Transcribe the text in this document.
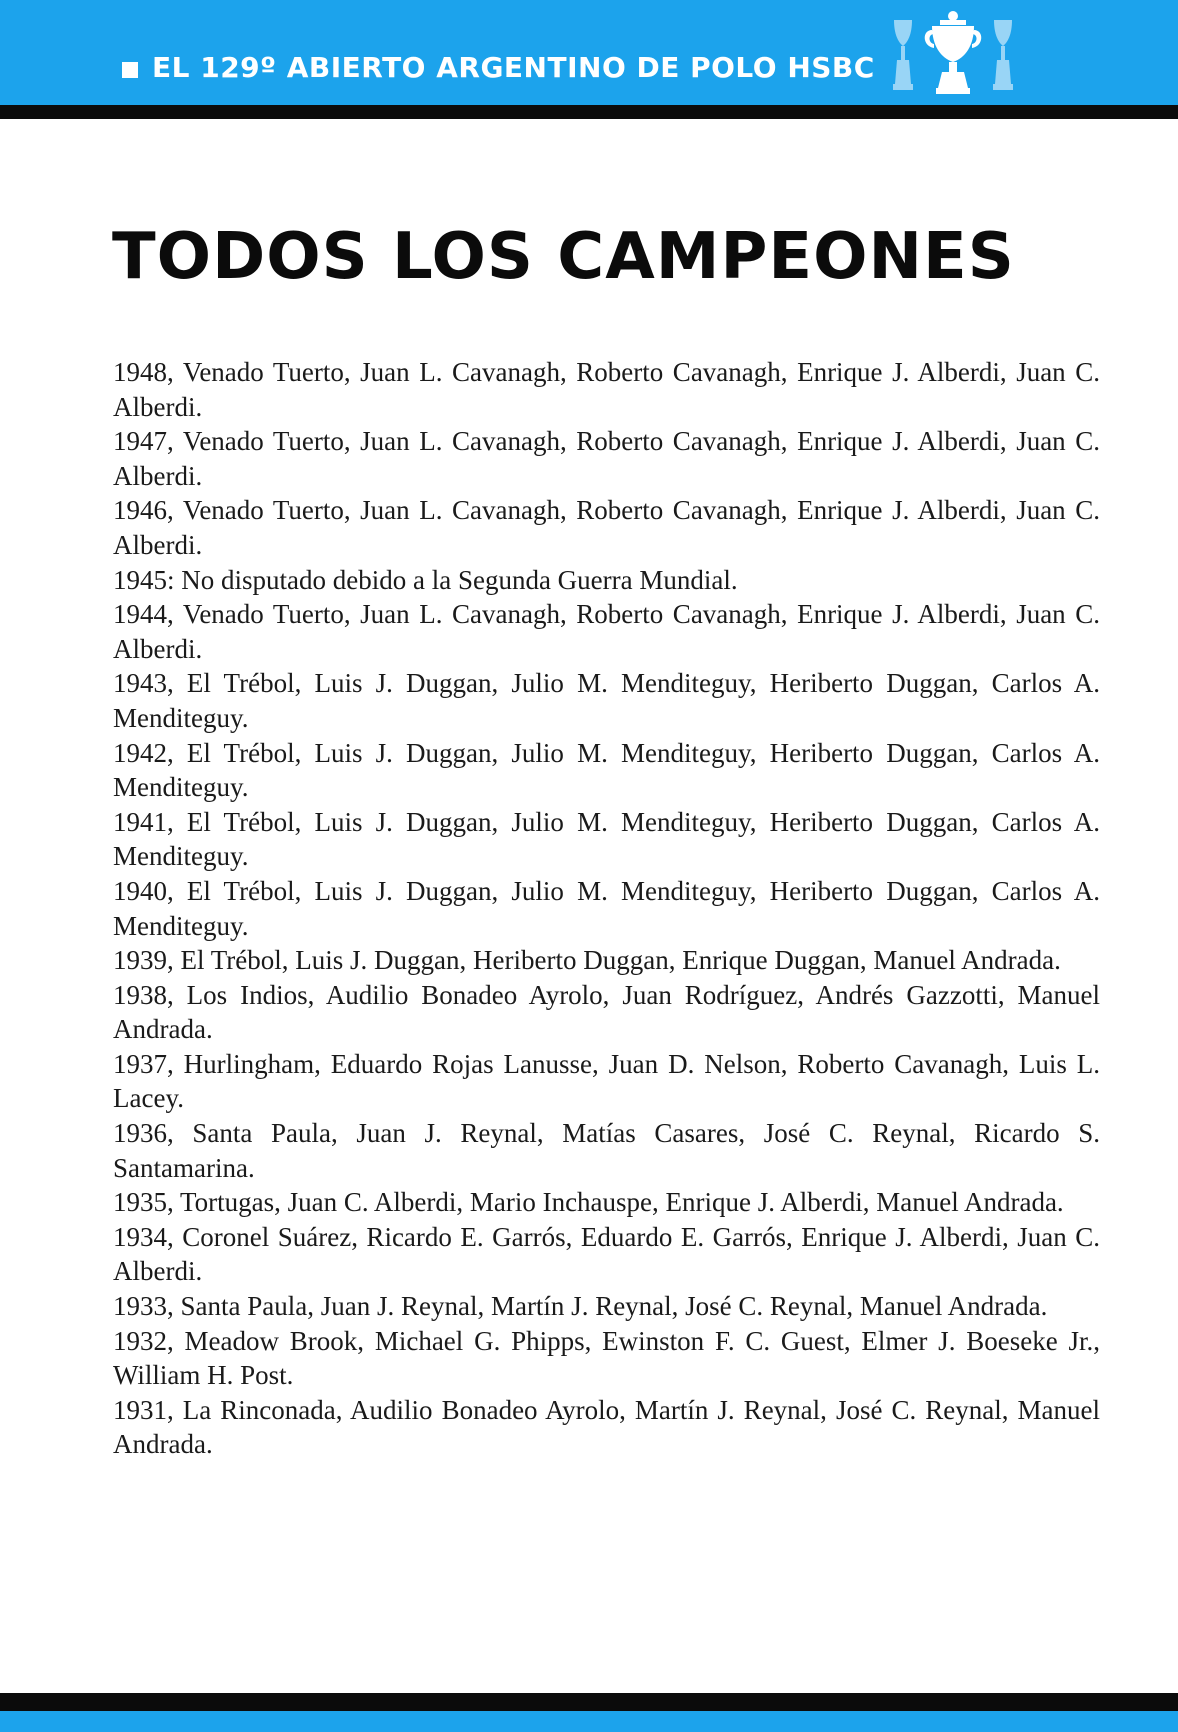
EL 129º ABIERTO ARGENTINO DE POLO HSBC
TODOS LOS CAMPEONES
1948, Venado Tuerto, Juan L. Cavanagh, Roberto Cavanagh, Enrique J. Alberdi, Juan C. Alberdi.
1947, Venado Tuerto, Juan L. Cavanagh, Roberto Cavanagh, Enrique J. Alberdi, Juan C. Alberdi.
1946, Venado Tuerto, Juan L. Cavanagh, Roberto Cavanagh, Enrique J. Alberdi, Juan C. Alberdi.
1945: No disputado debido a la Segunda Guerra Mundial.
1944, Venado Tuerto, Juan L. Cavanagh, Roberto Cavanagh, Enrique J. Alberdi, Juan C. Alberdi.
1943, El Trébol, Luis J. Duggan, Julio M. Menditeguy, Heriberto Duggan, Carlos A. Menditeguy.
1942, El Trébol, Luis J. Duggan, Julio M. Menditeguy, Heriberto Duggan, Carlos A. Menditeguy.
1941, El Trébol, Luis J. Duggan, Julio M. Menditeguy, Heriberto Duggan, Carlos A. Menditeguy.
1940, El Trébol, Luis J. Duggan, Julio M. Menditeguy, Heriberto Duggan, Carlos A. Menditeguy.
1939, El Trébol, Luis J. Duggan, Heriberto Duggan, Enrique Duggan, Manuel Andrada.
1938, Los Indios, Audilio Bonadeo Ayrolo, Juan Rodríguez, Andrés Gazzotti, Manuel Andrada.
1937, Hurlingham, Eduardo Rojas Lanusse, Juan D. Nelson, Roberto Cavanagh, Luis L. Lacey.
1936, Santa Paula, Juan J. Reynal, Matías Casares, José C. Reynal, Ricardo S. Santamarina.
1935, Tortugas, Juan C. Alberdi, Mario Inchauspe, Enrique J. Alberdi, Manuel Andrada.
1934, Coronel Suárez, Ricardo E. Garrós, Eduardo E. Garrós, Enrique J. Alberdi, Juan C. Alberdi.
1933, Santa Paula, Juan J. Reynal, Martín J. Reynal, José C. Reynal, Manuel Andrada.
1932, Meadow Brook, Michael G. Phipps, Ewinston F. C. Guest, Elmer J. Boeseke Jr., William H. Post.
1931, La Rinconada, Audilio Bonadeo Ayrolo, Martín J. Reynal, José C. Reynal, Manuel Andrada.
